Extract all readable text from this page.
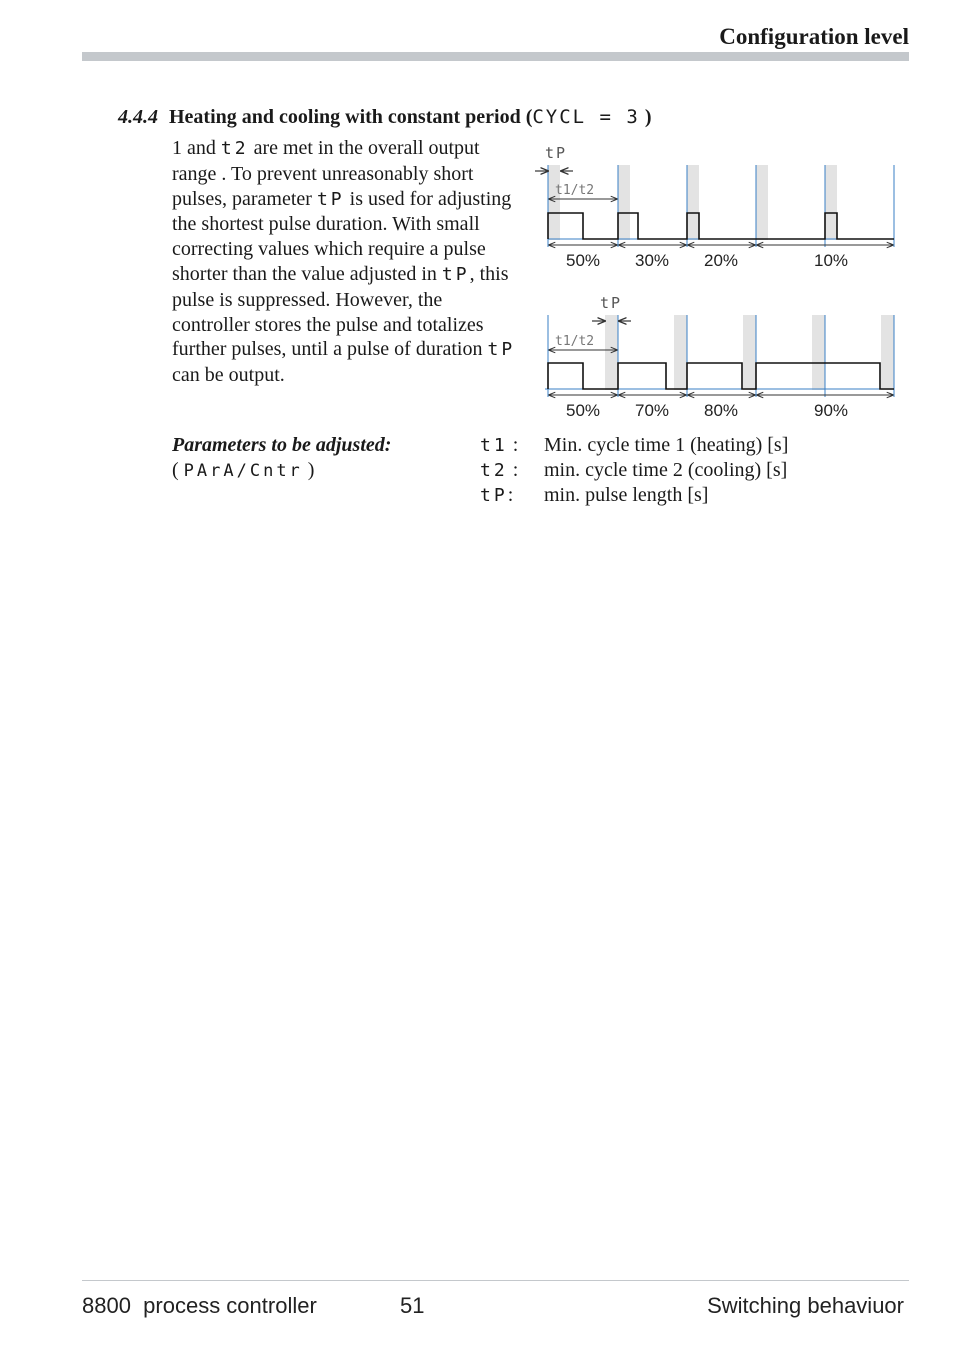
Configuration level
4.4.4 Heating and cooling with constant period (CYCL = 3 )
1 and t2 are met in the overall output range . To prevent unreasonably short pulses, parameter tP is used for adjusting the shortest pulse duration. With small correcting values which require a pulse shorter than the value adjusted in tP, this pulse is suppressed. However, the controller stores the pulse and totalizes further pulses, until a pulse of duration tP can be output.
tP
t1/t2
50% 30% 20%	10%
tP
t1/t2
50% 70% 80%	90%
Parameters to be adjusted:
( PArA/Cntr )
t1 : Min. cycle time 1 (heating) [s]
t2 : min. cycle time 2 (cooling) [s]
tP: min. pulse length [s]
8800  process controller	51	Switching behaviuor
